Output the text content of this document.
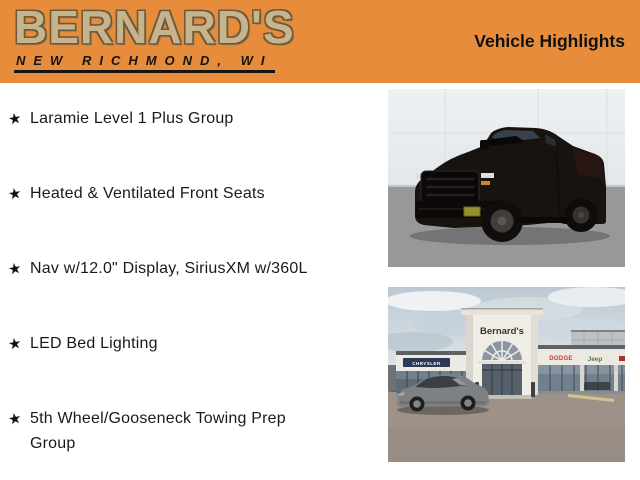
BERNARD'S
NEW RICHMOND, WI
Vehicle Highlights
★ Laramie Level 1 Plus Group
★ Heated & Ventilated Front Seats
★ Nav w/12.0" Display, SiriusXM w/360L
★ LED Bed Lighting
★ 5th Wheel/Gooseneck Towing Prep Group
CHRYSLER
Bernard's
DODGE Jeep
